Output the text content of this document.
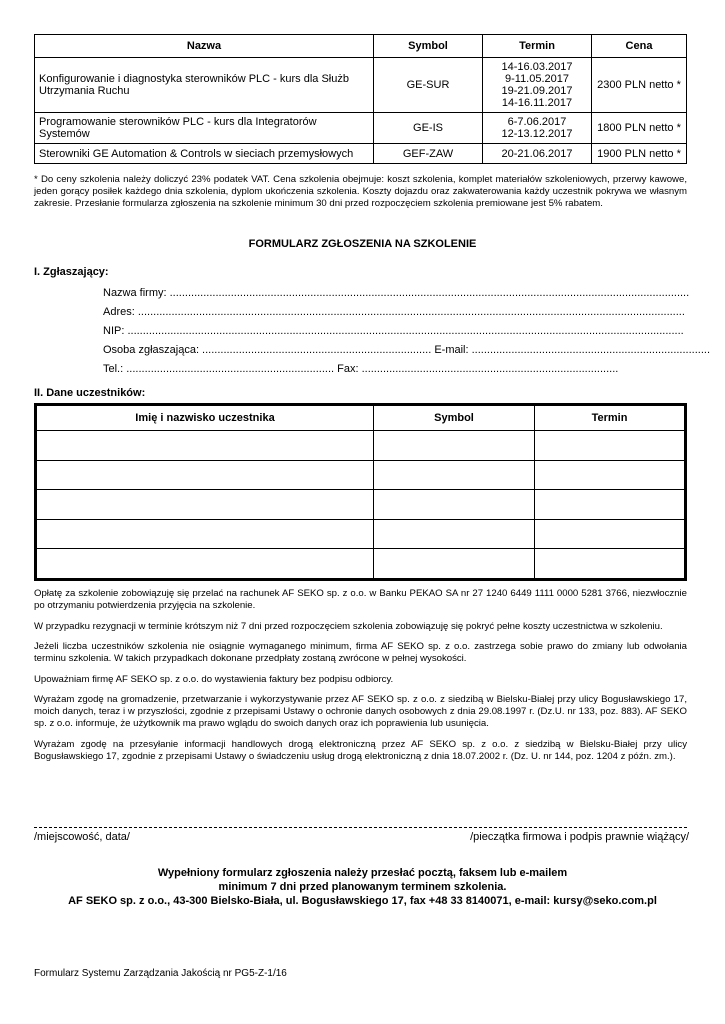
Nazwa	Symbol	Termin	Cena
Konfigurowanie i diagnostyka sterowników PLC - kurs dla Służb Utrzymania Ruchu	GE-SUR	14-16.03.2017
9-11.05.2017
19-21.09.2017
14-16.11.2017	2300 PLN netto *
Programowanie sterowników PLC - kurs dla Integratorów Systemów	GE-IS	6-7.06.2017
12-13.12.2017	1800 PLN netto *
Sterowniki GE Automation & Controls w sieciach przemysłowych	GEF-ZAW	20-21.06.2017	1900 PLN netto *
* Do ceny szkolenia należy doliczyć 23% podatek VAT. Cena szkolenia obejmuje: koszt szkolenia, komplet materiałów szkoleniowych, przerwy kawowe, jeden gorący posiłek każdego dnia szkolenia, dyplom ukończenia szkolenia. Koszty dojazdu oraz zakwaterowania każdy uczestnik pokrywa we własnym zakresie. Przesłanie formularza zgłoszenia na szkolenie minimum 30 dni przed rozpoczęciem szkolenia premiowane jest 5% rabatem.
FORMULARZ ZGŁOSZENIA NA SZKOLENIE
I. Zgłaszający:
Nazwa firmy: ..........................................................................................................................................................................
Adres: ...................................................................................................................................................................................
NIP: ......................................................................................................................................................................................
Osoba zgłaszająca: ........................................................................... E-mail: ..............................................................................
Tel.: .................................................................... Fax: ....................................................................................
II. Dane uczestników:
Imię i nazwisko uczestnika	Symbol	Termin

Opłatę za szkolenie zobowiązuję się przelać na rachunek AF SEKO sp. z o.o. w Banku PEKAO SA nr 27 1240 6449 1111 0000 5281 3766, niezwłocznie po otrzymaniu potwierdzenia przyjęcia na szkolenie.

W przypadku rezygnacji w terminie krótszym niż 7 dni przed rozpoczęciem szkolenia zobowiązuję się pokryć pełne koszty uczestnictwa w szkoleniu.

Jeżeli liczba uczestników szkolenia nie osiągnie wymaganego minimum, firma AF SEKO sp. z o.o. zastrzega sobie prawo do zmiany lub odwołania terminu szkolenia. W takich przypadkach dokonane przedpłaty zostaną zwrócone w pełnej wysokości.

Upoważniam firmę AF SEKO sp. z o.o. do wystawienia faktury bez podpisu odbiorcy.

Wyrażam zgodę na gromadzenie, przetwarzanie i wykorzystywanie przez AF SEKO sp. z o.o. z siedzibą w Bielsku-Białej przy ulicy Bogusławskiego 17, moich danych, teraz i w przyszłości, zgodnie z przepisami Ustawy o ochronie danych osobowych z dnia 29.08.1997 r. (Dz.U. nr 133, poz. 883). AF SEKO sp. z o.o. informuje, że użytkownik ma prawo wglądu do swoich danych oraz ich poprawienia lub usunięcia.

Wyrażam zgodę na przesyłanie informacji handlowych drogą elektroniczną przez AF SEKO sp. z o.o. z siedzibą w Bielsku-Białej przy ulicy Bogusławskiego 17, zgodnie z przepisami Ustawy o świadczeniu usług drogą elektroniczną z dnia 18.07.2002 r. (Dz. U. nr 144, poz. 1204 z późn. zm.).

/miejscowość, data/	/pieczątka firmowa i podpis prawnie wiążący/
Wypełniony formularz zgłoszenia należy przesłać pocztą, faksem lub e-mailem
minimum 7 dni przed planowanym terminem szkolenia.
AF SEKO sp. z o.o., 43-300 Bielsko-Biała, ul. Bogusławskiego 17, fax +48 33 8140071, e-mail: kursy@seko.com.pl
Formularz Systemu Zarządzania Jakością nr PG5-Z-1/16
